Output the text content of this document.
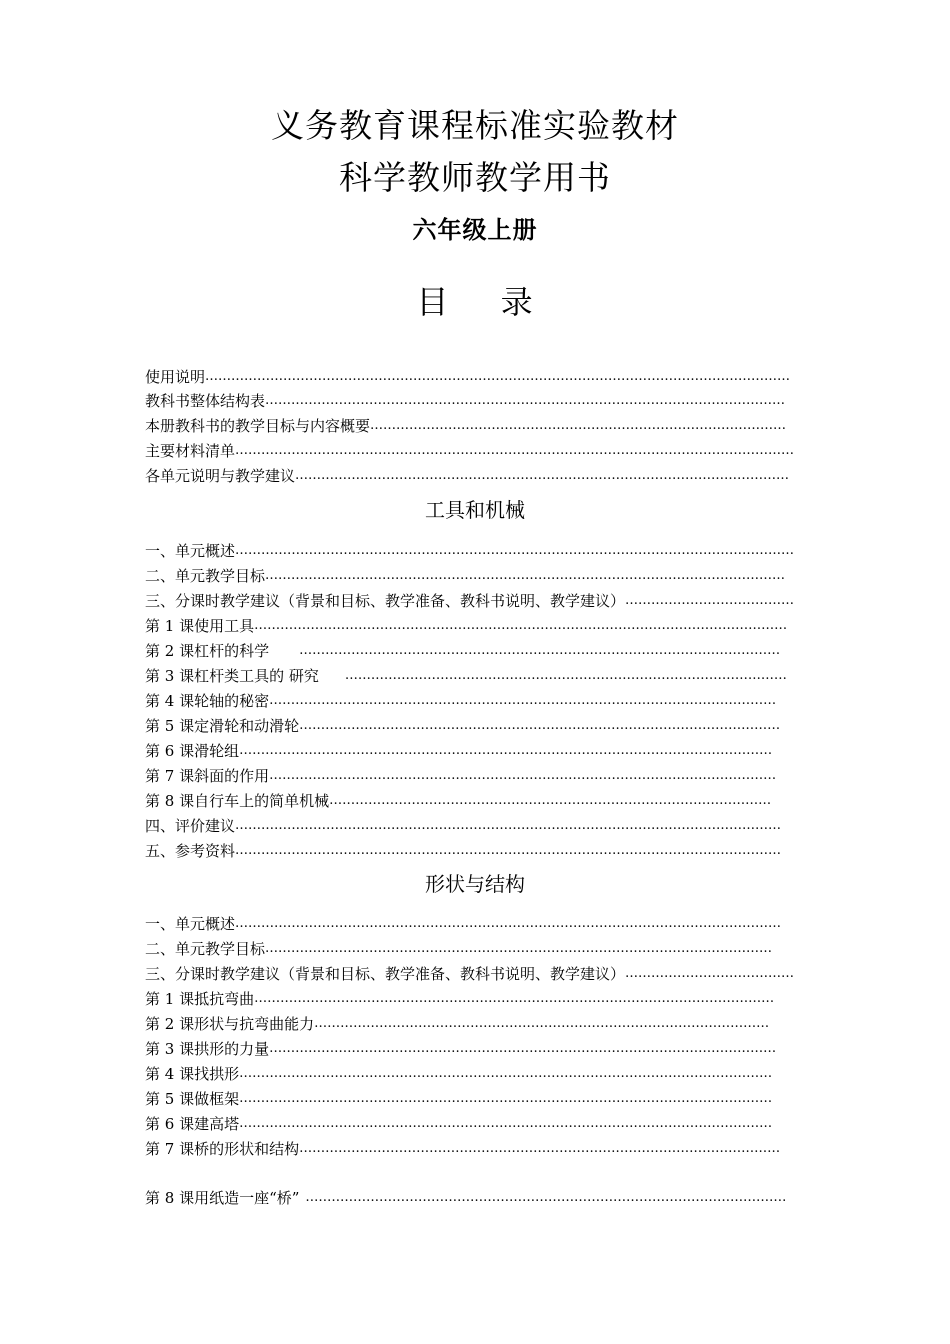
义务教育课程标准实验教材
科学教师教学用书
六年级上册
目 录
使用说明………………………………………………………………………………………………………………………
教科书整体结构表…………………………………………………………………………………………………………
本册教科书的教学目标与内容概要……………………………………………………………………………………
主要材料清单…………………………………………………………………………………………………………………
各单元说明与教学建议……………………………………………………………………………………………………
工具和机械
一、单元概述…………………………………………………………………………………………………………………
二、单元教学目标…………………………………………………………………………………………………………
三、分课时教学建议（背景和目标、教学准备、教科书说明、教学建议）…………………………………
第 1 课使用工具……………………………………………………………………………………………………………
第 2 课杠杆的科学 …………………………………………………………………………………………………
第 3 课杠杆类工具的 研究 …………………………………………………………………………………………
第 4 课轮轴的秘密………………………………………………………………………………………………………
第 5 课定滑轮和动滑轮…………………………………………………………………………………………………
第 6 课滑轮组……………………………………………………………………………………………………………
第 7 课斜面的作用………………………………………………………………………………………………………
第 8 课自行车上的简单机械…………………………………………………………………………………………
四、评价建议………………………………………………………………………………………………………………
五、参考资料………………………………………………………………………………………………………………
形状与结构
一、单元概述………………………………………………………………………………………………………………
二、单元教学目标………………………………………………………………………………………………………
三、分课时教学建议（背景和目标、教学准备、教科书说明、教学建议）…………………………………
第 1 课抵抗弯曲…………………………………………………………………………………………………………
第 2 课形状与抗弯曲能力……………………………………………………………………………………………
第 3 课拱形的力量………………………………………………………………………………………………………
第 4 课找拱形……………………………………………………………………………………………………………
第 5 课做框架……………………………………………………………………………………………………………
第 6 课建高塔……………………………………………………………………………………………………………
第 7 课桥的形状和结构…………………………………………………………………………………………………
第 8 课用纸造一座“桥” …………………………………………………………………………………………………
